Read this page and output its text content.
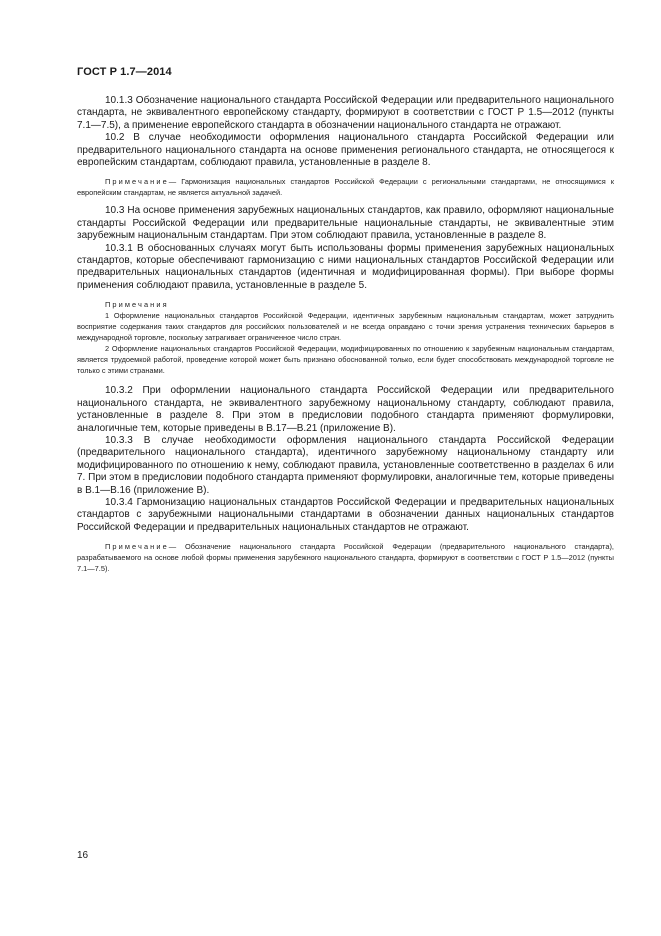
ГОСТ Р 1.7—2014

10.1.3 Обозначение национального стандарта Российской Федерации или предварительного национального стандарта, не эквивалентного европейскому стандарту, формируют в соответствии с ГОСТ Р 1.5—2012 (пункты 7.1—7.5), а применение европейского стандарта в обозначении национального стандарта не отражают.

10.2 В случае необходимости оформления национального стандарта Российской Федерации или предварительного национального стандарта на основе применения регионального стандарта, не относящегося к европейским стандартам, соблюдают правила, установленные в разделе 8.

Примечание— Гармонизация национальных стандартов Российской Федерации с региональными стандартами, не относящимися к европейским стандартам, не является актуальной задачей.

10.3 На основе применения зарубежных национальных стандартов, как правило, оформляют национальные стандарты Российской Федерации или предварительные национальные стандарты, не эквивалентные этим зарубежным национальным стандартам. При этом соблюдают правила, установленные в разделе 8.

10.3.1 В обоснованных случаях могут быть использованы формы применения зарубежных национальных стандартов, которые обеспечивают гармонизацию с ними национальных стандартов Российской Федерации или предварительных национальных стандартов (идентичная и модифицированная формы). При выборе формы применения соблюдают правила, установленные в разделе 5.

Примечания

1 Оформление национальных стандартов Российской Федерации, идентичных зарубежным национальным стандартам, может затруднить восприятие содержания таких стандартов для российских пользователей и не всегда оправдано с точки зрения устранения технических барьеров в международной торговле, поскольку затрагивает ограниченное число стран.

2 Оформление национальных стандартов Российской Федерации, модифицированных по отношению к зарубежным национальным стандартам, является трудоемкой работой, проведение которой может быть признано обоснованной только, если будет способствовать международной торговле не только с этими странами.

10.3.2 При оформлении национального стандарта Российской Федерации или предварительного национального стандарта, не эквивалентного зарубежному национальному стандарту, соблюдают правила, установленные в разделе 8. При этом в предисловии подобного стандарта применяют формулировки, аналогичные тем, которые приведены в В.17—В.21 (приложение В).

10.3.3 В случае необходимости оформления национального стандарта Российской Федерации (предварительного национального стандарта), идентичного зарубежному национальному стандарту или модифицированного по отношению к нему, соблюдают правила, установленные соответственно в разделах 6 или 7. При этом в предисловии подобного стандарта применяют формулировки, аналогичные тем, которые приведены в В.1—В.16 (приложение В).

10.3.4 Гармонизацию национальных стандартов Российской Федерации и предварительных национальных стандартов с зарубежными национальными стандартами в обозначении данных национальных стандартов Российской Федерации и предварительных национальных стандартов не отражают.

Примечание— Обозначение национального стандарта Российской Федерации (предварительного национального стандарта), разрабатываемого на основе любой формы применения зарубежного национального стандарта, формируют в соответствии с ГОСТ Р 1.5—2012 (пункты 7.1—7.5).

16
